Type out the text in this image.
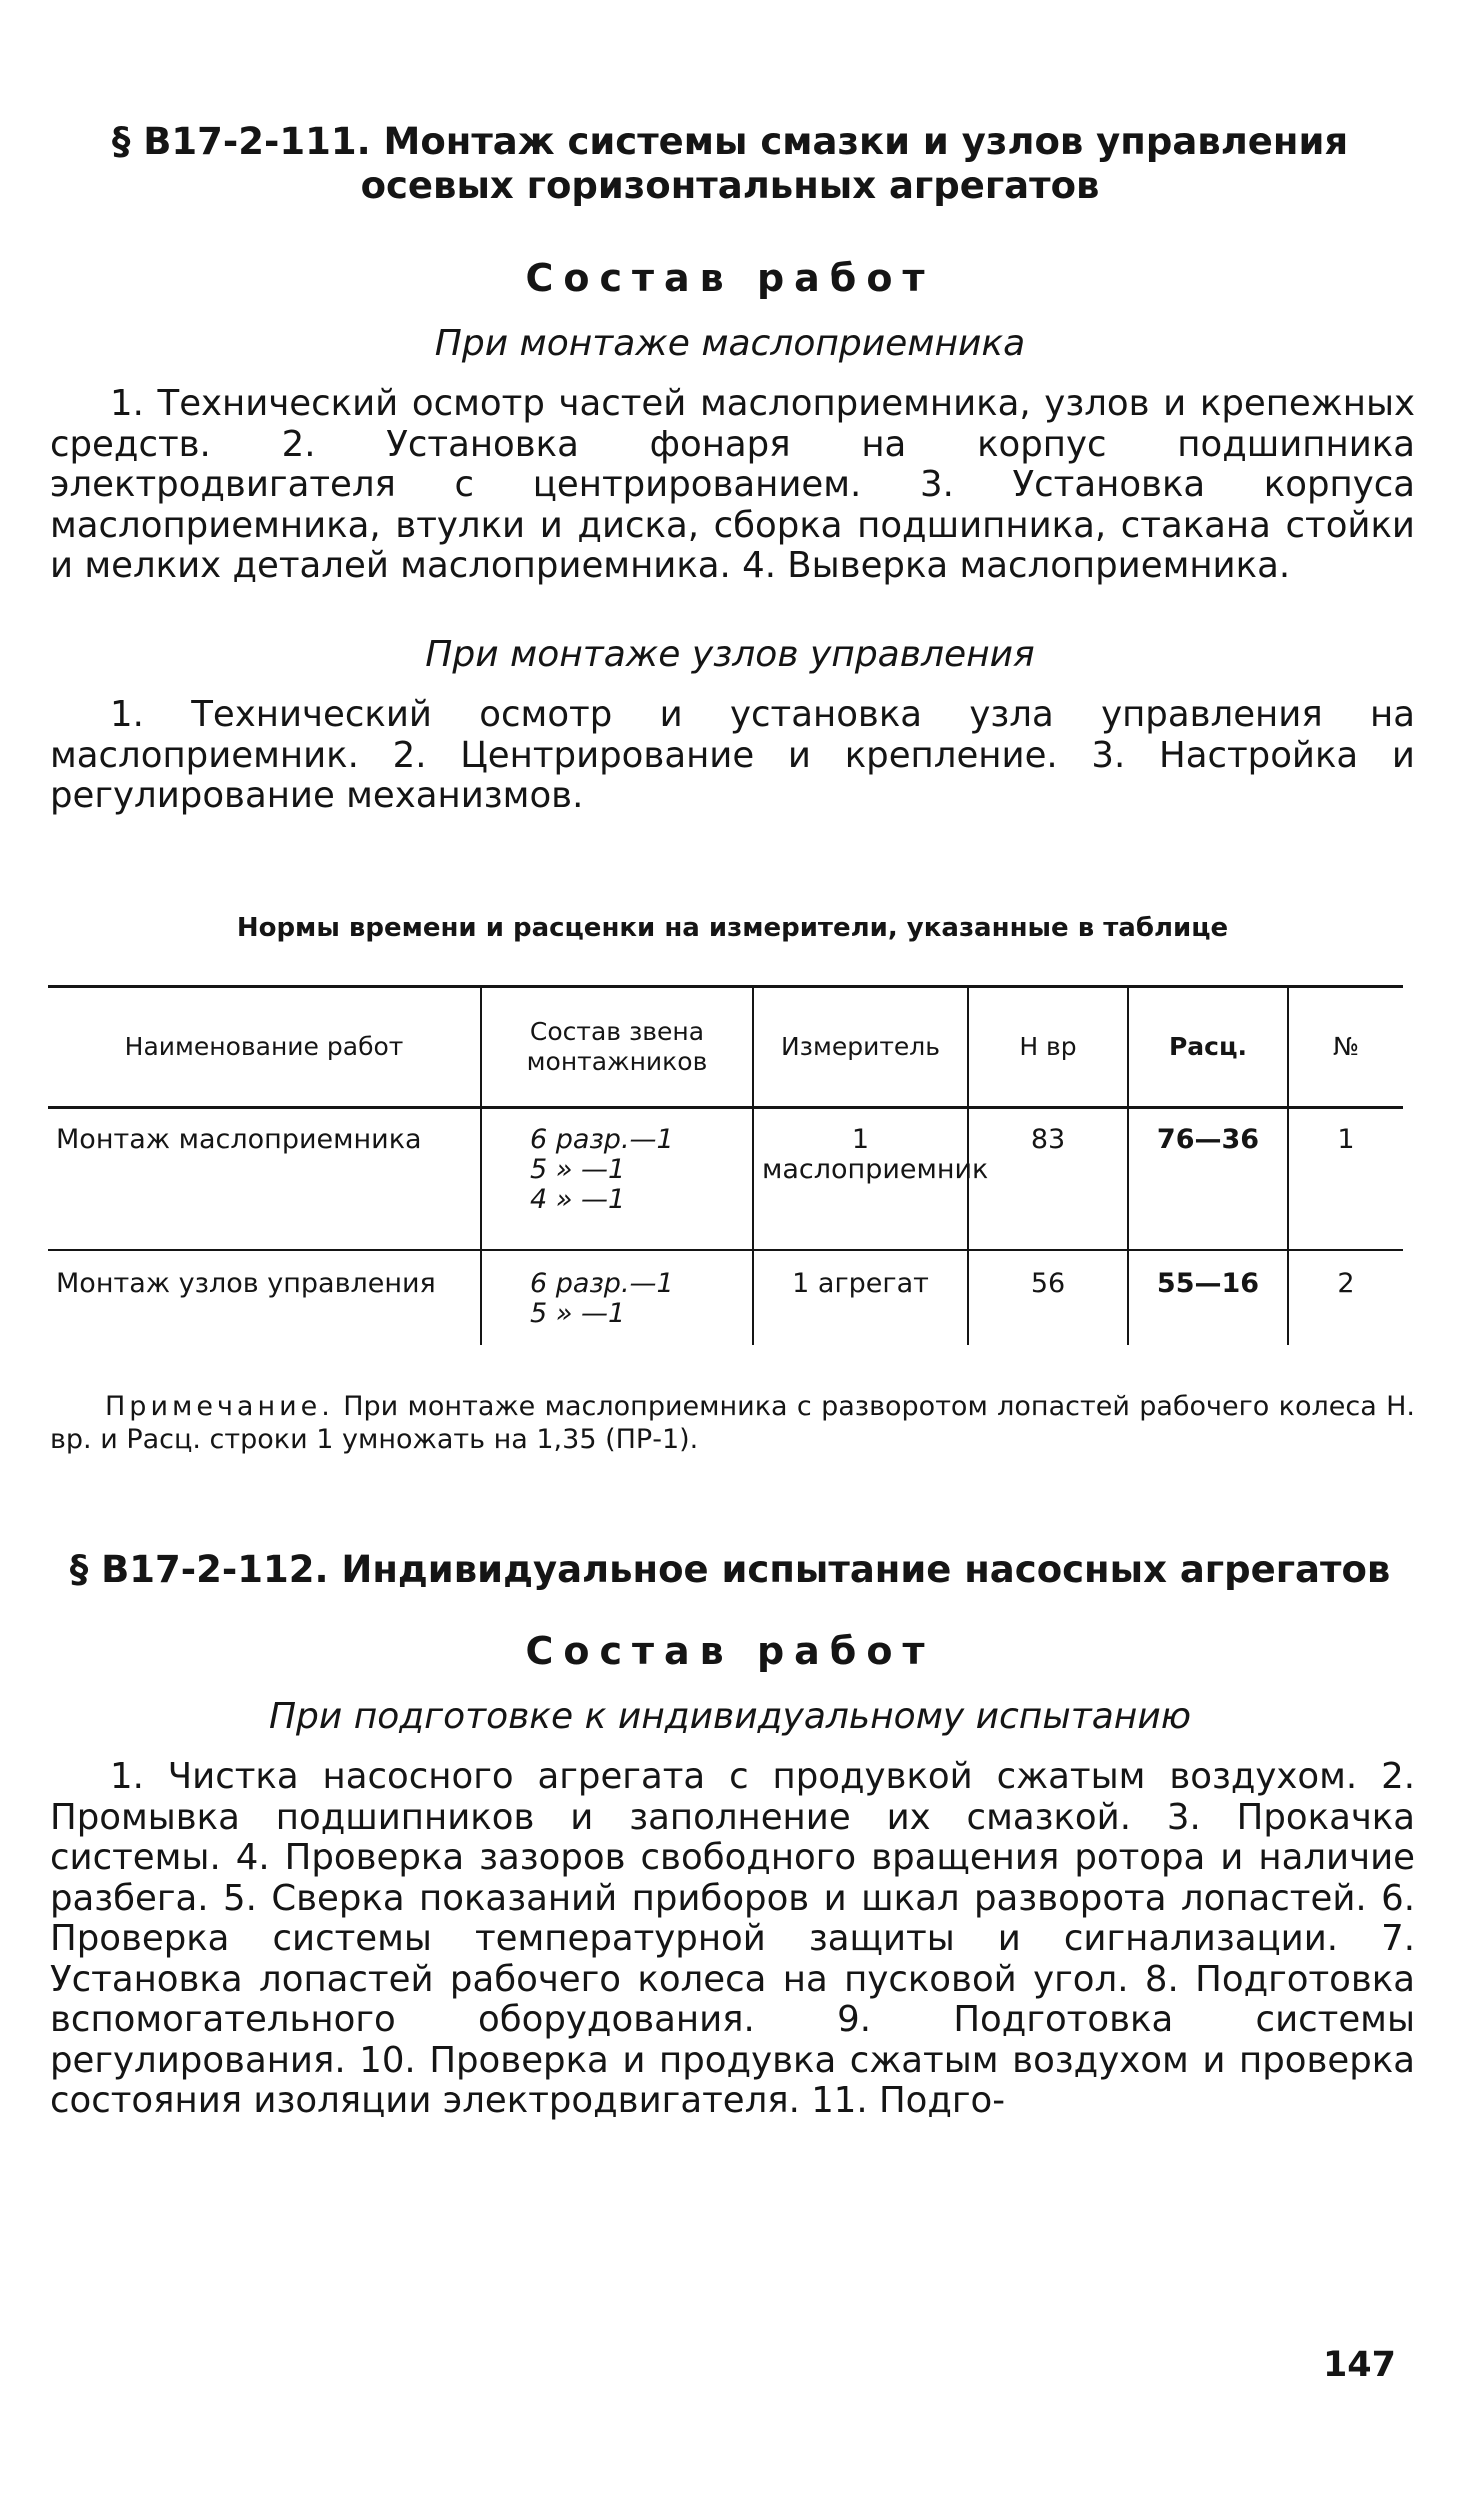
§ В17-2-111. Монтаж системы смазки и узлов управления
осевых горизонтальных агрегатов
Состав работ
При монтаже маслоприемника
1. Технический осмотр частей маслоприемника, узлов и крепежных средств. 2. Установка фонаря на корпус подшипника электродвигателя с центрированием. 3. Установка корпуса маслоприемника, втулки и диска, сборка подшипника, стакана стойки и мелких деталей маслоприемника. 4. Выверка маслоприемника.
При монтаже узлов управления
1. Технический осмотр и установка узла управления на маслоприемник. 2. Центрирование и крепление. 3. Настройка и регулирование механизмов.
Нормы времени и расценки на измерители, указанные в таблице
Наименование работ	Состав звена монтажников	Измеритель	Н вр	Расц.	№
Монтаж маслоприемника	6 разр.—1
5 » —1
4 » —1	1 маслоприемник	83	76—36	1
Монтаж узлов управления	6 разр.—1
5 » —1	1 агрегат	56	55—16	2
Примечание. При монтаже маслоприемника с разворотом лопастей рабочего колеса Н. вр. и Расц. строки 1 умножать на 1,35 (ПР-1).
§ В17-2-112. Индивидуальное испытание насосных агрегатов
Состав работ
При подготовке к индивидуальному испытанию
1. Чистка насосного агрегата с продувкой сжатым воздухом. 2. Промывка подшипников и заполнение их смазкой. 3. Прокачка системы. 4. Проверка зазоров свободного вращения ротора и наличие разбега. 5. Сверка показаний приборов и шкал разворота лопастей. 6. Проверка системы температурной защиты и сигнализации. 7. Установка лопастей рабочего колеса на пусковой угол. 8. Подготовка вспомогательного оборудования. 9. Подготовка системы регулирования. 10. Проверка и продувка сжатым воздухом и проверка состояния изоляции электродвигателя. 11. Подго-
147
